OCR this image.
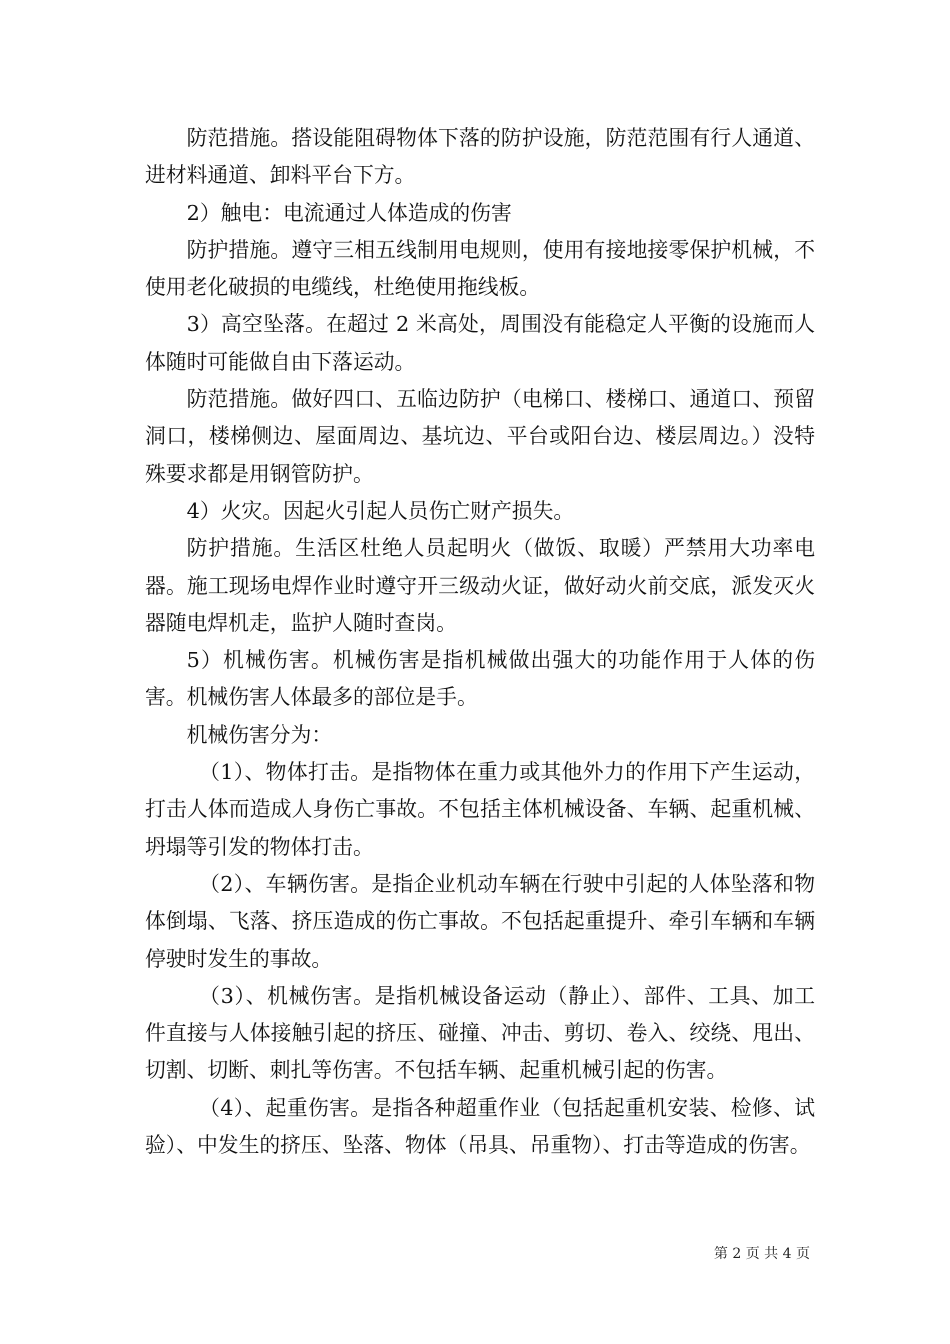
防范措施。搭设能阻碍物体下落的防护设施，防范范围有行人通道、进材料通道、卸料平台下方。

2）触电：电流通过人体造成的伤害

防护措施。遵守三相五线制用电规则，使用有接地接零保护机械，不使用老化破损的电缆线，杜绝使用拖线板。

3）高空坠落。在超过 2 米高处，周围没有能稳定人平衡的设施而人体随时可能做自由下落运动。

防范措施。做好四口、五临边防护（电梯口、楼梯口、通道口、预留洞口，楼梯侧边、屋面周边、基坑边、平台或阳台边、楼层周边。）没特殊要求都是用钢管防护。

4）火灾。因起火引起人员伤亡财产损失。

防护措施。生活区杜绝人员起明火（做饭、取暖）严禁用大功率电器。施工现场电焊作业时遵守开三级动火证，做好动火前交底，派发灭火器随电焊机走，监护人随时查岗。

5）机械伤害。机械伤害是指机械做出强大的功能作用于人体的伤害。机械伤害人体最多的部位是手。

机械伤害分为：

（1）、物体打击。是指物体在重力或其他外力的作用下产生运动，打击人体而造成人身伤亡事故。不包括主体机械设备、车辆、起重机械、坍塌等引发的物体打击。

（2）、车辆伤害。是指企业机动车辆在行驶中引起的人体坠落和物体倒塌、飞落、挤压造成的伤亡事故。不包括起重提升、牵引车辆和车辆停驶时发生的事故。

（3）、机械伤害。是指机械设备运动（静止）、部件、工具、加工件直接与人体接触引起的挤压、碰撞、冲击、剪切、卷入、绞绕、甩出、切割、切断、刺扎等伤害。不包括车辆、起重机械引起的伤害。

（4）、起重伤害。是指各种超重作业（包括起重机安装、检修、试验）、中发生的挤压、坠落、物体（吊具、吊重物）、打击等造成的伤害。

第 2 页 共 4 页
